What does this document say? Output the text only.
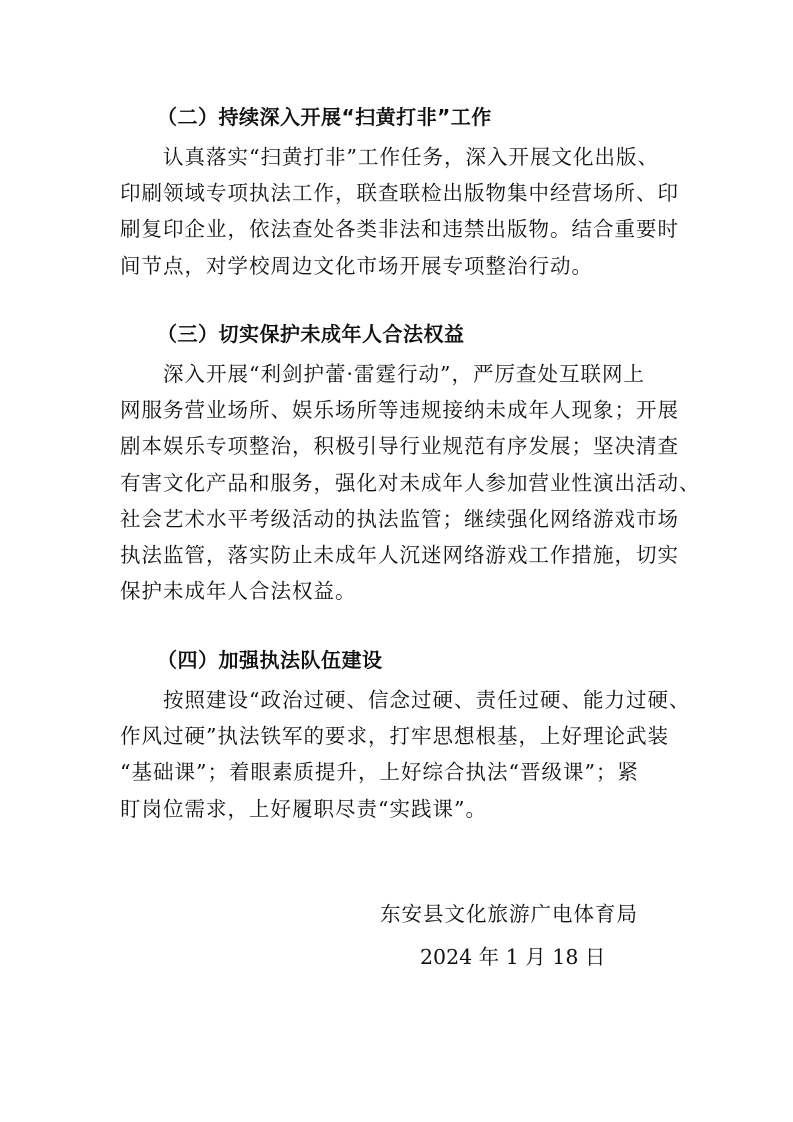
（二）持续深入开展“扫黄打非”工作
　　认真落实“扫黄打非”工作任务，深入开展文化出版、
印刷领域专项执法工作，联查联检出版物集中经营场所、印
刷复印企业，依法查处各类非法和违禁出版物。结合重要时
间节点，对学校周边文化市场开展专项整治行动。
（三）切实保护未成年人合法权益
　　深入开展“利剑护蕾·雷霆行动”，严厉查处互联网上
网服务营业场所、娱乐场所等违规接纳未成年人现象；开展
剧本娱乐专项整治，积极引导行业规范有序发展；坚决清查
有害文化产品和服务，强化对未成年人参加营业性演出活动、
社会艺术水平考级活动的执法监管；继续强化网络游戏市场
执法监管，落实防止未成年人沉迷网络游戏工作措施，切实
保护未成年人合法权益。
（四）加强执法队伍建设
　　按照建设“政治过硬、信念过硬、责任过硬、能力过硬、
作风过硬”执法铁军的要求，打牢思想根基，上好理论武装
“基础课”；着眼素质提升，上好综合执法“晋级课”；紧
盯岗位需求，上好履职尽责“实践课”。
东安县文化旅游广电体育局
2024 年 1 月 18 日
